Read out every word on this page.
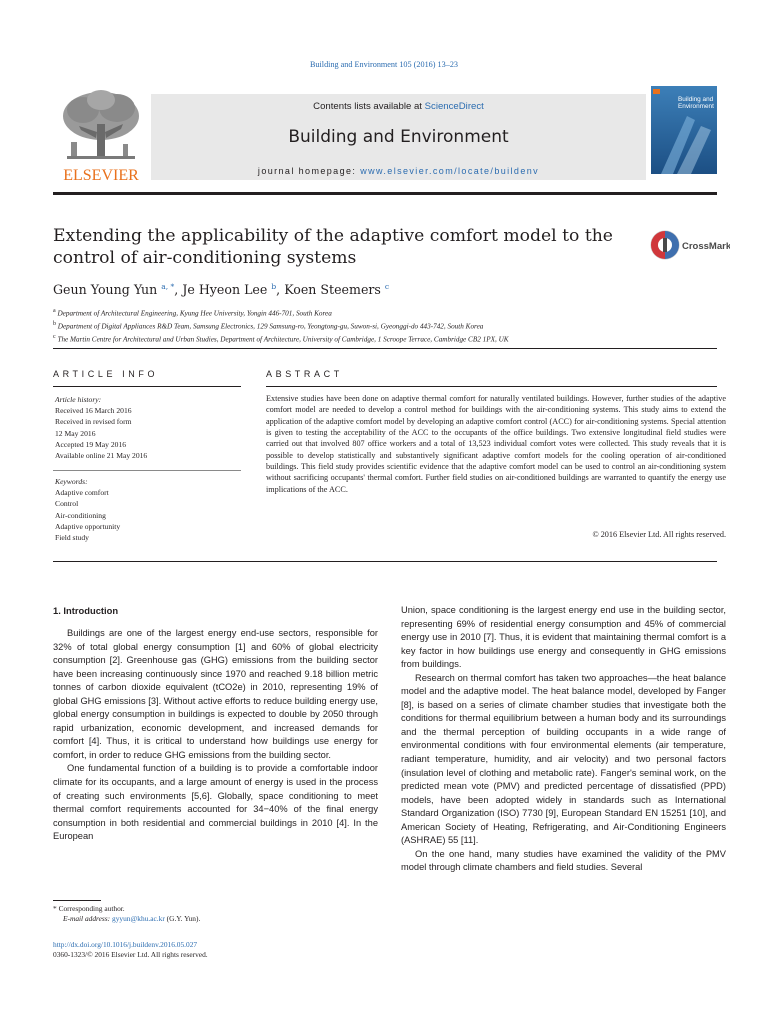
Building and Environment 105 (2016) 13–23
ELSEVIER
Contents lists available at ScienceDirect
Building and Environment
journal homepage: www.elsevier.com/locate/buildenv
Building and
Environment
Extending the applicability of the adaptive comfort model to the
control of air-conditioning systems
CrossMark
Geun Young Yun $^{a, *}$, Je Hyeon Lee $^b$, Koen Steemers $^c$
$^a$ Department of Architectural Engineering, Kyung Hee University, Yongin 446-701, South Korea
$^b$ Department of Digital Appliances R&D Team, Samsung Electronics, 129 Samsung-ro, Yeongtong-gu, Suwon-si, Gyeonggi-do 443-742, South Korea
$^c$ The Martin Centre for Architectural and Urban Studies, Department of Architecture, University of Cambridge, 1 Scroope Terrace, Cambridge CB2 1PX, UK
ARTICLE INFO	ABSTRACT
Article history:
Received 16 March 2016
Received in revised form
12 May 2016
Accepted 19 May 2016
Available online 21 May 2016
Keywords:
Adaptive comfort
Control
Air-conditioning
Adaptive opportunity
Field study
Extensive studies have been done on adaptive thermal comfort for naturally ventilated buildings. However, further studies of the adaptive comfort model are needed to develop a control method for buildings with the air-conditioning systems. This study aims to extend the application of the adaptive comfort model by developing an adaptive comfort control (ACC) for air-conditioning systems. Special attention is given to testing the acceptability of the ACC to the occupants of the office buildings. Two extensive longitudinal field studies were carried out that involved 807 office workers and a total of 13,523 individual comfort votes were collected. This study reveals that it is possible to develop statistically and substantively significant adaptive comfort models for the cooling operation of air-conditioned buildings. This field study provides scientific evidence that the adaptive comfort model can be used to control an air-conditioning system without sacrificing occupants' thermal comfort. Further field studies on air-conditioned buildings are warranted to quantify the energy use implications of the ACC.
© 2016 Elsevier Ltd. All rights reserved.
1. Introduction

Buildings are one of the largest energy end-use sectors, responsible for 32% of total global energy consumption [1] and 60% of global electricity consumption [2]. Greenhouse gas (GHG) emissions from the building sector have been increasing continuously since 1970 and reached 9.18 billion metric tonnes of carbon dioxide equivalent (tCO2e) in 2010, representing 19% of global GHG emissions [3]. Without active efforts to reduce building energy use, global energy consumption in buildings is expected to double by 2050 through rapid urbanization, economic development, and increased demands for comfort [4]. Thus, it is critical to understand how buildings use energy for comfort, in order to reduce GHG emissions from the building sector.

One fundamental function of a building is to provide a comfortable indoor climate for its occupants, and a large amount of energy is used in the process of creating such environments [5,6]. Globally, space conditioning to meet thermal comfort requirements accounted for 34−40% of the final energy consumption in both residential and commercial buildings in 2010 [4]. In the European

Union, space conditioning is the largest energy end use in the building sector, representing 69% of residential energy consumption and 45% of commercial energy use in 2010 [7]. Thus, it is evident that maintaining thermal comfort is a key factor in how buildings use energy and consequently in GHG emissions from buildings.

Research on thermal comfort has taken two approaches—the heat balance model and the adaptive model. The heat balance model, developed by Fanger [8], is based on a series of climate chamber studies that investigate both the conditions for thermal equilibrium between a human body and its surroundings and the thermal perception of building occupants in a wide range of environmental conditions with four environmental elements (air temperature, radiant temperature, humidity, and air velocity) and two personal factors (insulation level of clothing and metabolic rate). Fanger's seminal work, on the predicted mean vote (PMV) and predicted percentage of dissatisfied (PPD) models, have been adopted widely in standards such as International Standard Organization (ISO) 7730 [9], European Standard EN 15251 [10], and American Society of Heating, Refrigerating, and Air-Conditioning Engineers (ASHRAE) 55 [11].

On the one hand, many studies have examined the validity of the PMV model through climate chambers and field studies. Several

* Corresponding author.
E-mail address: gyyun@khu.ac.kr (G.Y. Yun).
http://dx.doi.org/10.1016/j.buildenv.2016.05.027
0360-1323/© 2016 Elsevier Ltd. All rights reserved.
